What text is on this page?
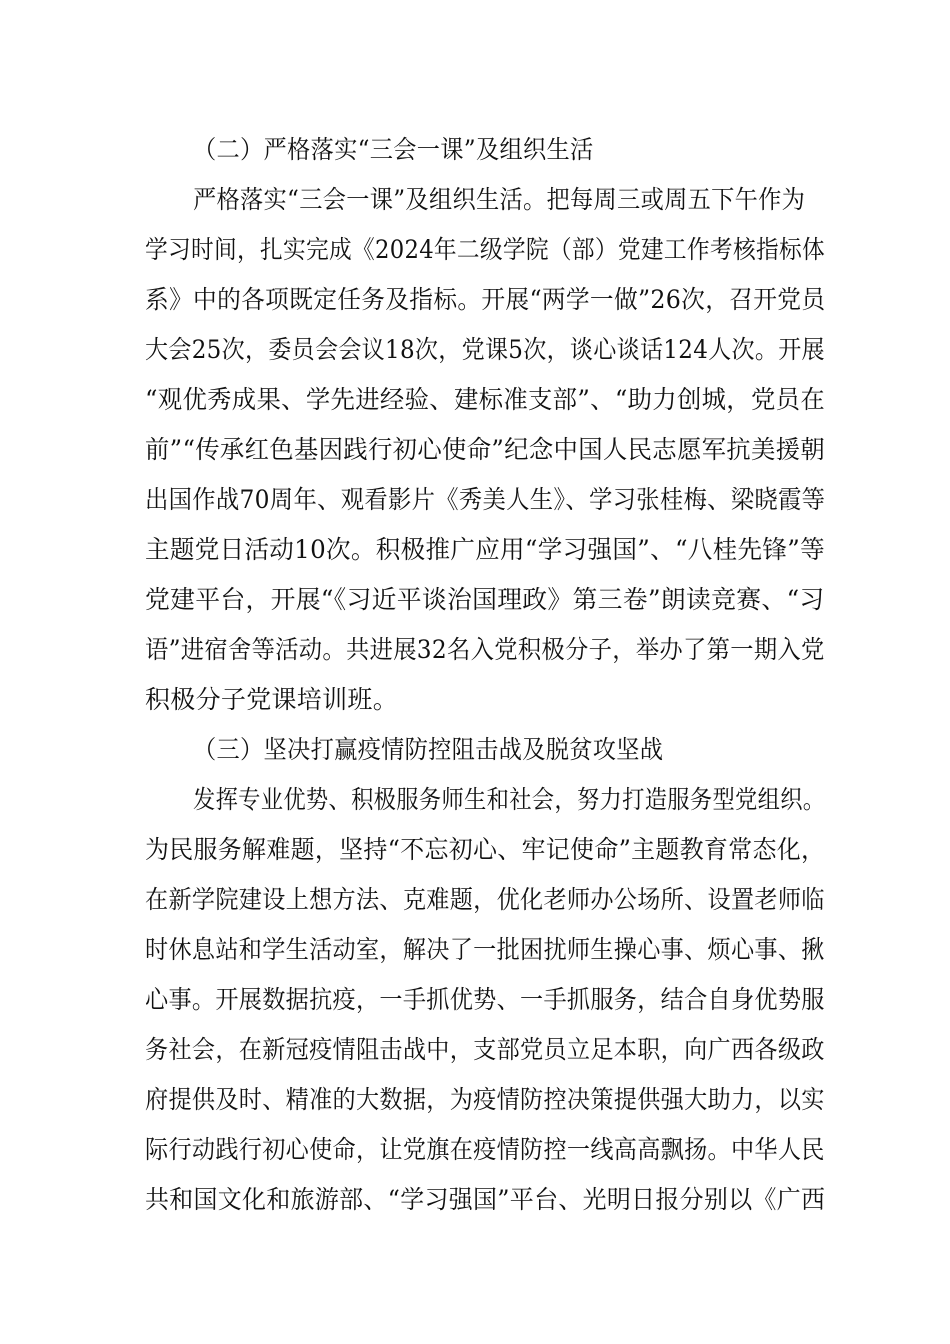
（二）严格落实“三会一课”及组织生活
严格落实“三会一课”及组织生活。把每周三或周五下午作为
学习时间，扎实完成《2024年二级学院（部）党建工作考核指标体
系》中的各项既定任务及指标。开展“两学一做”26次，召开党员
大会25次，委员会会议18次，党课5次，谈心谈话124人次。开展
“观优秀成果、学先进经验、建标准支部”、“助力创城，党员在
前”“传承红色基因践行初心使命”纪念中国人民志愿军抗美援朝
出国作战70周年、观看影片《秀美人生》、学习张桂梅、梁晓霞等
主题党日活动10次。积极推广应用“学习强国”、“八桂先锋”等
党建平台，开展“《习近平谈治国理政》第三卷”朗读竞赛、“习
语”进宿舍等活动。共进展32名入党积极分子，举办了第一期入党
积极分子党课培训班。
（三）坚决打赢疫情防控阻击战及脱贫攻坚战
发挥专业优势、积极服务师生和社会，努力打造服务型党组织。
为民服务解难题，坚持“不忘初心、牢记使命”主题教育常态化，
在新学院建设上想方法、克难题，优化老师办公场所、设置老师临
时休息站和学生活动室，解决了一批困扰师生操心事、烦心事、揪
心事。开展数据抗疫，一手抓优势、一手抓服务，结合自身优势服
务社会，在新冠疫情阻击战中，支部党员立足本职，向广西各级政
府提供及时、精准的大数据，为疫情防控决策提供强大助力，以实
际行动践行初心使命，让党旗在疫情防控一线高高飘扬。中华人民
共和国文化和旅游部、“学习强国”平台、光明日报分别以《广西
